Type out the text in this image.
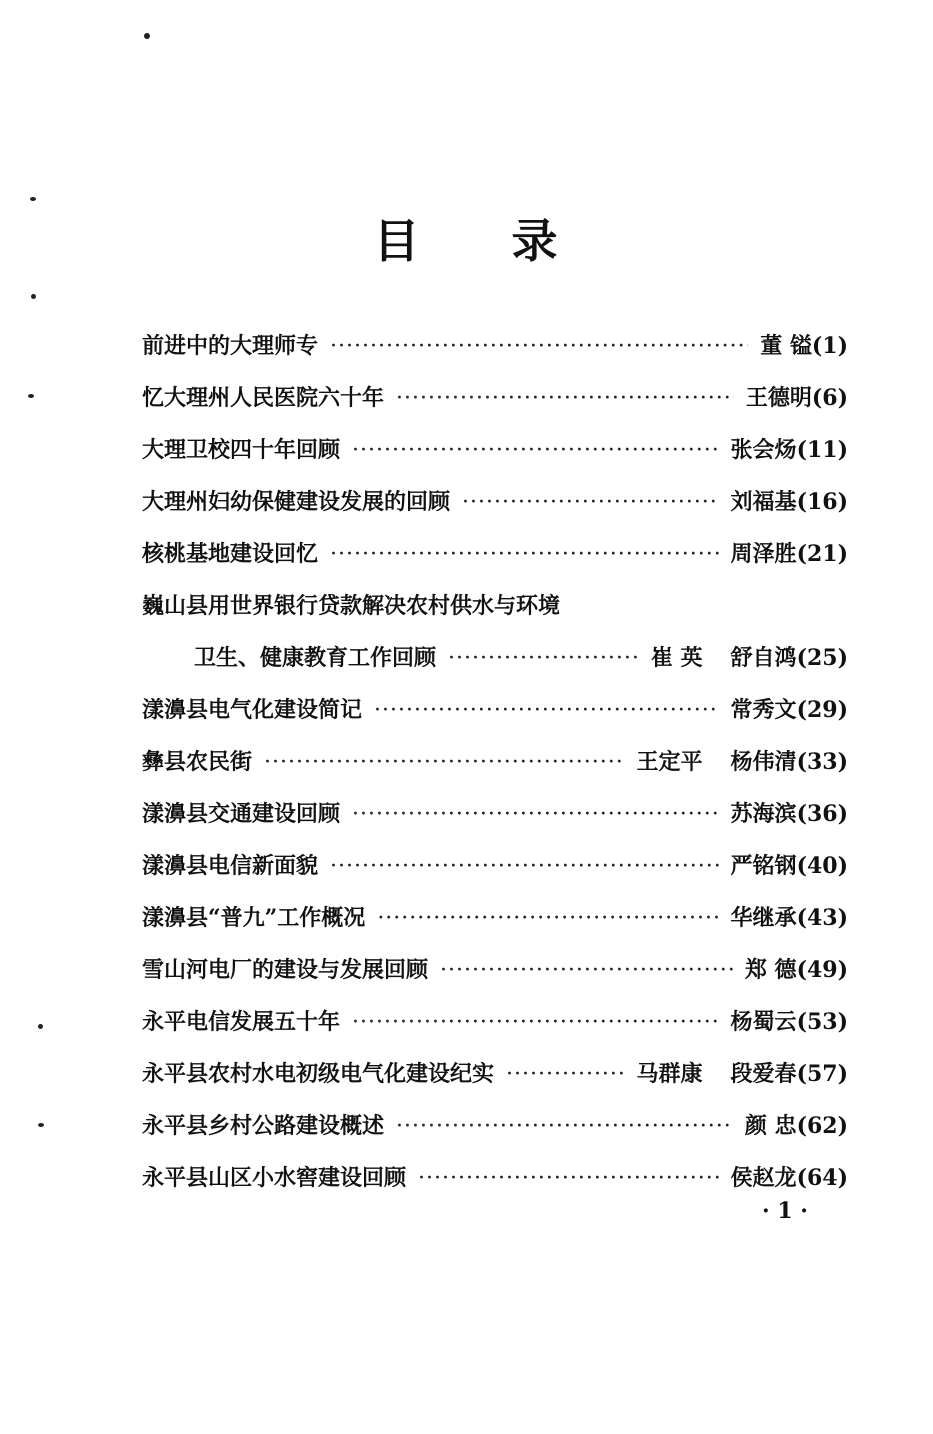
目 录
前进中的大理师专 ·····	董 镒 (1)
忆大理州人民医院六十年 ·····	王德明 (6)
大理卫校四十年回顾 ·····	张会炀 (11)
大理州妇幼保健建设发展的回顾 ·····	刘福基 (16)
核桃基地建设回忆 ·····	周泽胜 (21)
巍山县用世界银行贷款解决农村供水与环境
卫生、健康教育工作回顾 ·····	崔 英 舒自鸿 (25)
漾濞县电气化建设简记 ·····	常秀文 (29)
彝县农民街 ·····	王定平 杨伟清 (33)
漾濞县交通建设回顾 ·····	苏海滨 (36)
漾濞县电信新面貌 ·····	严铭钢 (40)
漾濞县“普九”工作概况 ·····	华继承 (43)
雪山河电厂的建设与发展回顾 ·····	郑 德 (49)
永平电信发展五十年 ·····	杨蜀云 (53)
永平县农村水电初级电气化建设纪实 ·····	马群康 段爱春 (57)
永平县乡村公路建设概述 ·····	颜 忠 (62)
永平县山区小水窖建设回顾 ·····	侯赵龙 (64)
· 1 ·
